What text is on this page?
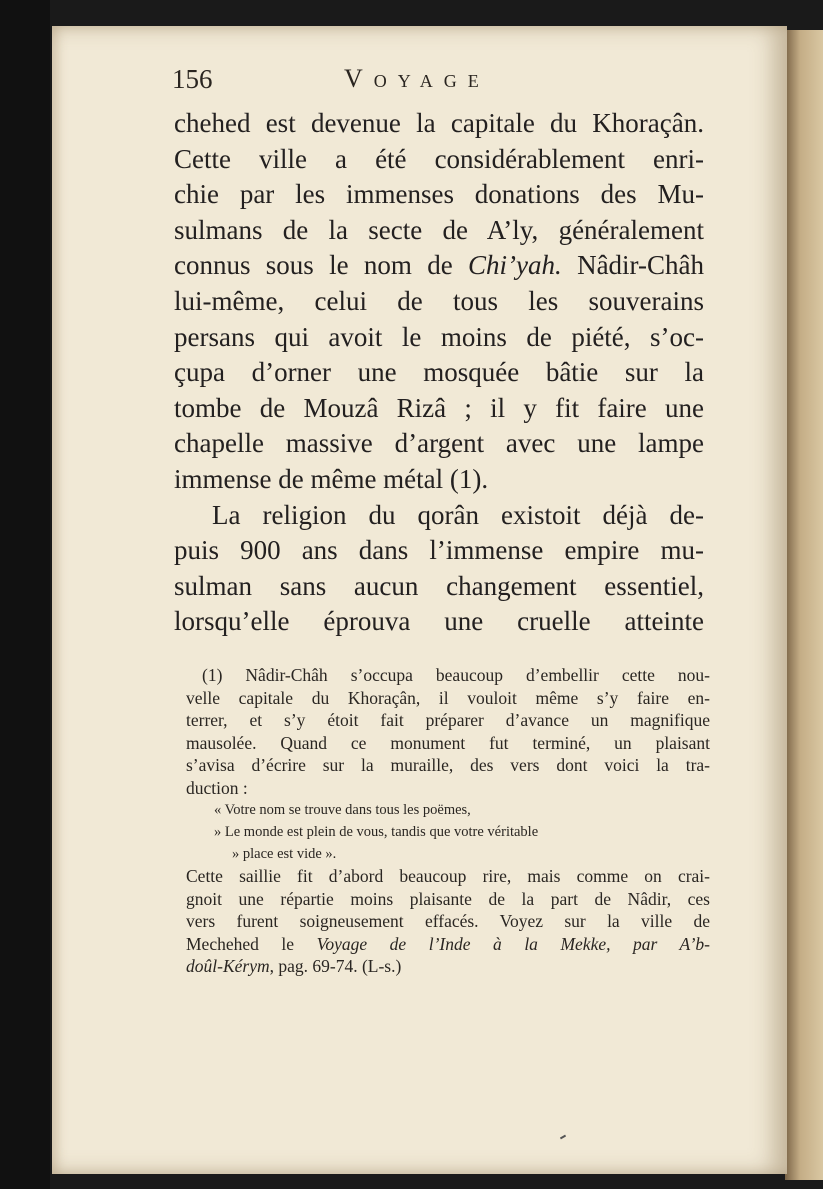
156	Voyage
chehed est devenue la capitale du Khoraçân.
Cette ville a été considérablement enri-
chie par les immenses donations des Mu-
sulmans de la secte de A’ly, généralement
connus sous le nom de Chi’yah. Nâdir-Châh
lui-même, celui de tous les souverains
persans qui avoit le moins de piété, s’oc-
çupa d’orner une mosquée bâtie sur la
tombe de Mouzâ Rizâ ; il y fit faire une
chapelle massive d’argent avec une lampe
immense de même métal (1).
La religion du qorân existoit déjà de-
puis 900 ans dans l’immense empire mu-
sulman sans aucun changement essentiel,
lorsqu’elle éprouva une cruelle atteinte
(1) Nâdir-Châh s’occupa beaucoup d’embellir cette nou-
velle capitale du Khoraçân, il vouloit même s’y faire en-
terrer, et s’y étoit fait préparer d’avance un magnifique
mausolée. Quand ce monument fut terminé, un plaisant
s’avisa d’écrire sur la muraille, des vers dont voici la tra-
duction :
« Votre nom se trouve dans tous les poëmes,
» Le monde est plein de vous, tandis que votre véritable
» place est vide ».
Cette saillie fit d’abord beaucoup rire, mais comme on crai-
gnoit une répartie moins plaisante de la part de Nâdir, ces
vers furent soigneusement effacés. Voyez sur la ville de
Mechehed le Voyage de l’Inde à la Mekke, par A’b-
doûl-Kérym, pag. 69-74. (L-s.)
